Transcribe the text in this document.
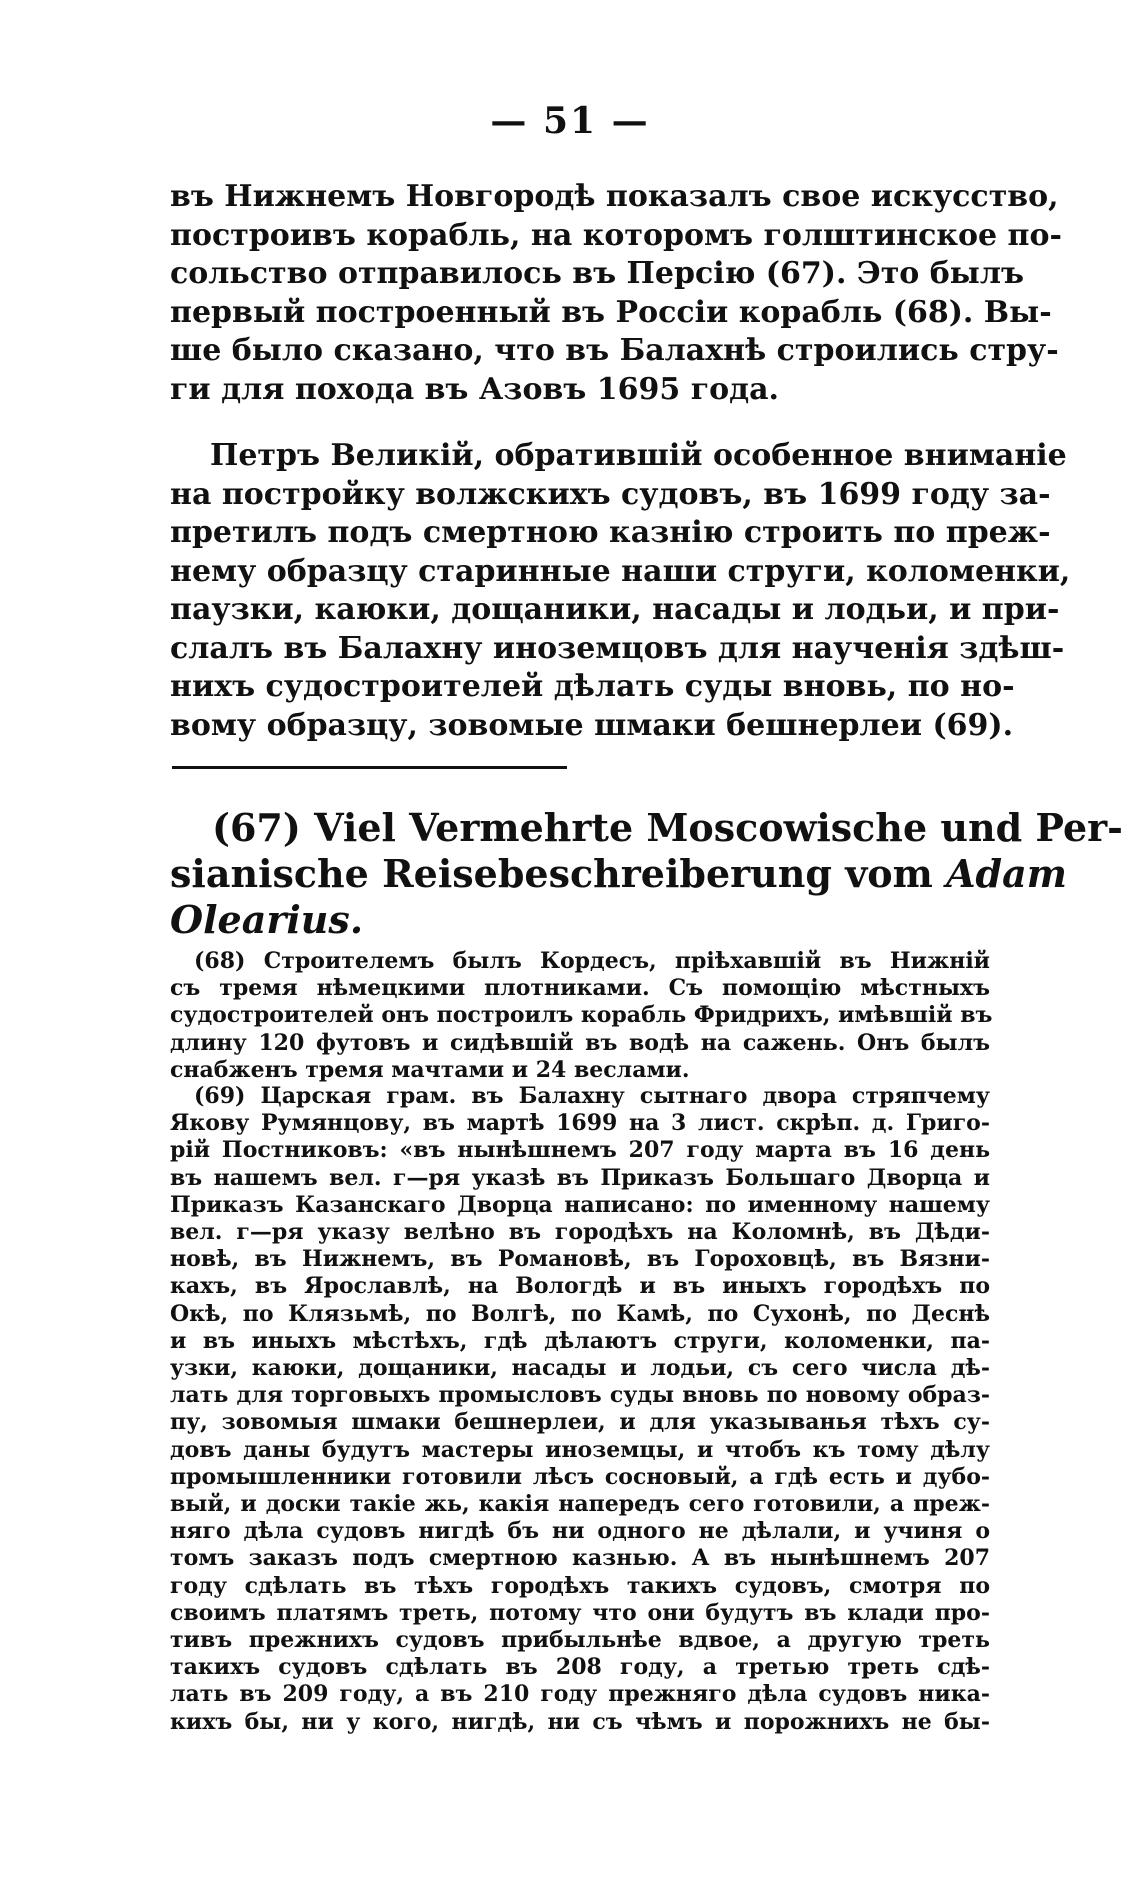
— 51 —
въ Нижнемъ Новгородѣ показалъ свое искусство,
построивъ корабль, на которомъ голштинское по-
сольство отправилось въ Персію (67). Это былъ
первый построенный въ Россіи корабль (68). Вы-
ше было сказано, что въ Балахнѣ строились стру-
ги для похода въ Азовъ 1695 года.
Петръ Великій, обратившій особенное вниманіе
на постройку волжскихъ судовъ, въ 1699 году за-
претилъ подъ смертною казнію строить по преж-
нему образцу старинные наши струги, коломенки,
паузки, каюки, дощаники, насады и лодьи, и при-
слалъ въ Балахну иноземцовъ для наученія здѣш-
нихъ судостроителей дѣлать суды вновь, по но-
вому образцу, зовомые шмаки бешнерлеи (69).
(67) Viel Vermehrte Moscowische und Per-
sianische Reisebeschreiberung vom Adam
Olearius.
(68) Строителемъ былъ Кордесъ, пріѣхавшій въ Нижній
съ тремя нѣмецкими плотниками. Съ помощію мѣстныхъ
судостроителей онъ построилъ корабль Фридрихъ, имѣвшій въ
длину 120 футовъ и сидѣвшій въ водѣ на сажень. Онъ былъ
снабженъ тремя мачтами и 24 веслами.
(69) Царская грам. въ Балахну сытнаго двора стряпчему
Якову Румянцову, въ мартѣ 1699 на 3 лист. скрѣп. д. Григо-
рій Постниковъ: «въ нынѣшнемъ 207 году марта въ 16 день
въ нашемъ вел. г—ря указѣ въ Приказъ Большаго Дворца и
Приказъ Казанскаго Дворца написано: по именному нашему
вел. г—ря указу велѣно въ городѣхъ на Коломнѣ, въ Дѣди-
новѣ, въ Нижнемъ, въ Романовѣ, въ Гороховцѣ, въ Вязни-
кахъ, въ Ярославлѣ, на Вологдѣ и въ иныхъ городѣхъ по
Окѣ, по Клязьмѣ, по Волгѣ, по Камѣ, по Сухонѣ, по Деснѣ
и въ иныхъ мѣстѣхъ, гдѣ дѣлаютъ струги, коломенки, па-
узки, каюки, дощаники, насады и лодьи, съ сего числа дѣ-
лать для торговыхъ промысловъ суды вновь по новому образ-
пу, зовомыя шмаки бешнерлеи, и для указыванья тѣхъ су-
довъ даны будутъ мастеры иноземцы, и чтобъ къ тому дѣлу
промышленники готовили лѣсъ сосновый, а гдѣ есть и дубо-
вый, и доски такіе жь, какія напередъ сего готовили, а преж-
няго дѣла судовъ нигдѣ бъ ни одного не дѣлали, и учиня о
томъ заказъ подъ смертною казнью. А въ нынѣшнемъ 207
году сдѣлать въ тѣхъ городѣхъ такихъ судовъ, смотря по
своимъ платямъ треть, потому что они будутъ въ клади про-
тивъ прежнихъ судовъ прибыльнѣе вдвое, а другую треть
такихъ судовъ сдѣлать въ 208 году, а третью треть сдѣ-
лать въ 209 году, а въ 210 году прежняго дѣла судовъ ника-
кихъ бы, ни у кого, нигдѣ, ни съ чѣмъ и порожнихъ не бы-
